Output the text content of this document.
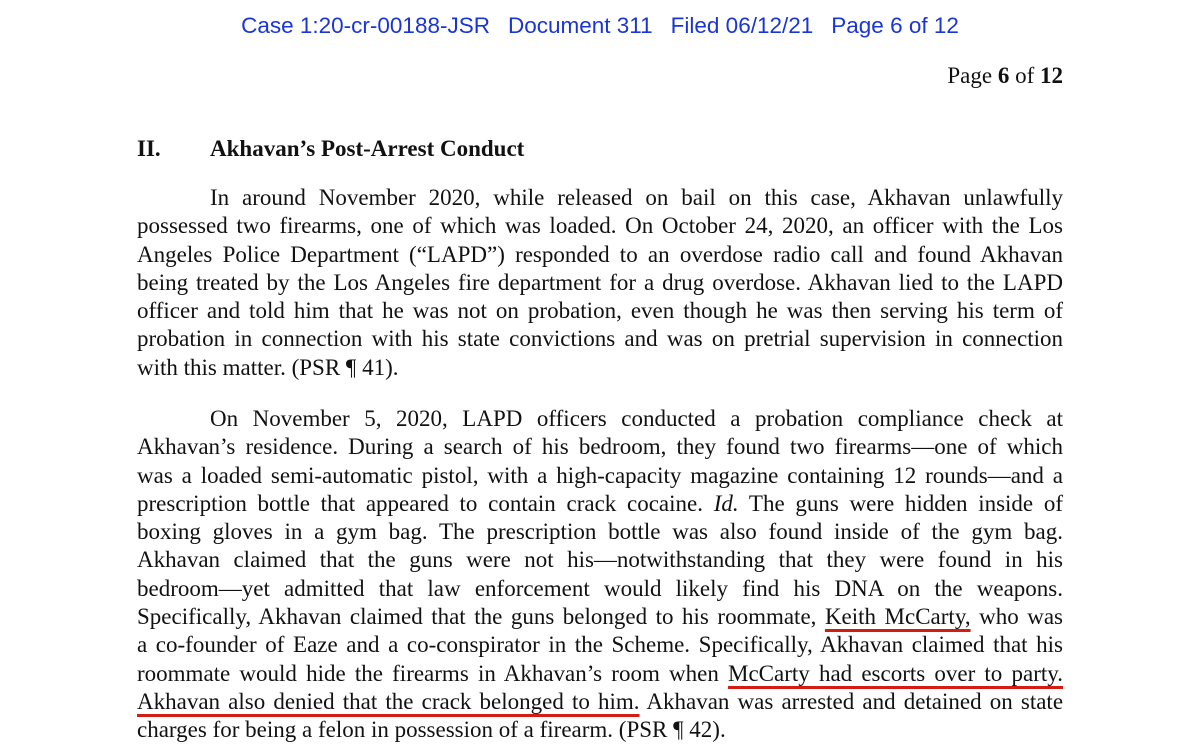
Case 1:20-cr-00188-JSR Document 311 Filed 06/12/21 Page 6 of 12
Page 6 of 12
II. Akhavan’s Post-Arrest Conduct
In around November 2020, while released on bail on this case, Akhavan unlawfully
possessed two firearms, one of which was loaded. On October 24, 2020, an officer with the Los
Angeles Police Department (“LAPD”) responded to an overdose radio call and found Akhavan
being treated by the Los Angeles fire department for a drug overdose. Akhavan lied to the LAPD
officer and told him that he was not on probation, even though he was then serving his term of
probation in connection with his state convictions and was on pretrial supervision in connection
with this matter. (PSR ¶ 41).
On November 5, 2020, LAPD officers conducted a probation compliance check at
Akhavan’s residence. During a search of his bedroom, they found two firearms—one of which
was a loaded semi-automatic pistol, with a high-capacity magazine containing 12 rounds—and a
prescription bottle that appeared to contain crack cocaine. Id. The guns were hidden inside of
boxing gloves in a gym bag. The prescription bottle was also found inside of the gym bag.
Akhavan claimed that the guns were not his—notwithstanding that they were found in his
bedroom—yet admitted that law enforcement would likely find his DNA on the weapons.
Specifically, Akhavan claimed that the guns belonged to his roommate, Keith McCarty, who was
a co-founder of Eaze and a co-conspirator in the Scheme. Specifically, Akhavan claimed that his
roommate would hide the firearms in Akhavan’s room when McCarty had escorts over to party.
Akhavan also denied that the crack belonged to him. Akhavan was arrested and detained on state
charges for being a felon in possession of a firearm. (PSR ¶ 42).
